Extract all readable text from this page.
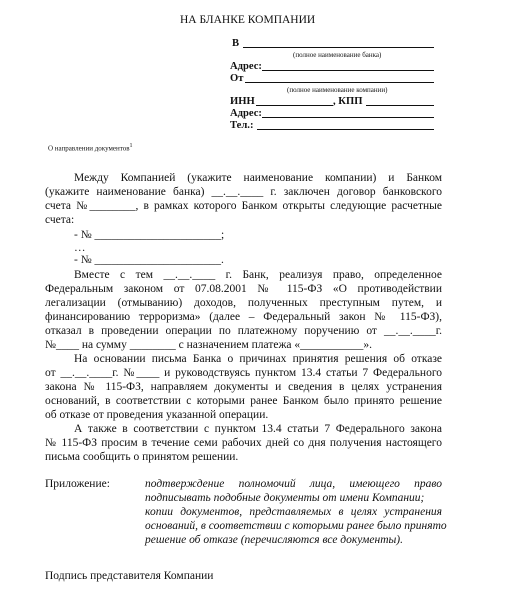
НА БЛАНКЕ КОМПАНИИ
В
(полное наименование банка)
Адрес:
От
(полное наименование компании)
ИНН	, КПП
Адрес:
Тел.:
О направлении документов1
Между Компанией (укажите наименование компании) и Банком
(укажите наименование банка) __.__.____ г. заключен договор банковского
счета №________, в рамках которого Банком открыты следующие расчетные
счета:
- № ______________________;
…
- № ______________________.
Вместе с тем __.__.____ г. Банк, реализуя право, определенное
Федеральным законом от 07.08.2001 № 115-ФЗ «О противодействии
легализации (отмыванию) доходов, полученных преступным путем, и
финансированию терроризма» (далее – Федеральный закон № 115-ФЗ),
отказал в проведении операции по платежному поручению от __.__.____г.
№____ на сумму ________ с назначением платежа «___________».
На основании письма Банка о причинах принятия решения об отказе
от __.__.____г. №____ и руководствуясь пунктом 13.4 статьи 7 Федерального
закона № 115-ФЗ, направляем документы и сведения в целях устранения
оснований, в соответствии с которыми ранее Банком было принято решение
об отказе от проведения указанной операции.
А также в соответствии с пунктом 13.4 статьи 7 Федерального закона
№ 115-ФЗ просим в течение семи рабочих дней со дня получения настоящего
письма сообщить о принятом решении.
Приложение:	подтверждение полномочий лица, имеющего право
подписывать подобные документы от имени Компании;
копии документов, представляемых в целях устранения
оснований, в соответствии с которыми ранее было принято
решение об отказе (перечисляются все документы).
Подпись представителя Компании
